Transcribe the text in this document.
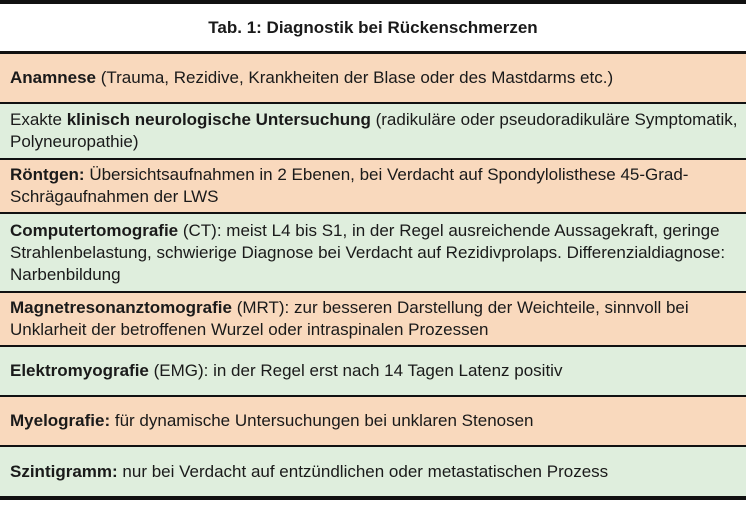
Tab. 1: Diagnostik bei Rückenschmerzen
Anamnese (Trauma, Rezidive, Krankheiten der Blase oder des Mastdarms etc.)
Exakte klinisch neurologische Untersuchung (radikuläre oder pseudoradikuläre Symptomatik, Polyneuropathie)
Röntgen: Übersichtsaufnahmen in 2 Ebenen, bei Verdacht auf Spondylolisthese 45-Grad-Schrägaufnahmen der LWS
Computertomografie (CT): meist L4 bis S1, in der Regel ausreichende Aussagekraft, geringe Strahlenbelastung, schwierige Diagnose bei Verdacht auf Rezidivprolaps. Differenzialdiagnose: Narbenbildung
Magnetresonanztomografie (MRT): zur besseren Darstellung der Weichteile, sinnvoll bei Unklarheit der betroffenen Wurzel oder intraspinalen Prozessen
Elektromyografie (EMG): in der Regel erst nach 14 Tagen Latenz positiv
Myelografie: für dynamische Untersuchungen bei unklaren Stenosen
Szintigramm: nur bei Verdacht auf entzündlichen oder metastatischen Prozess
